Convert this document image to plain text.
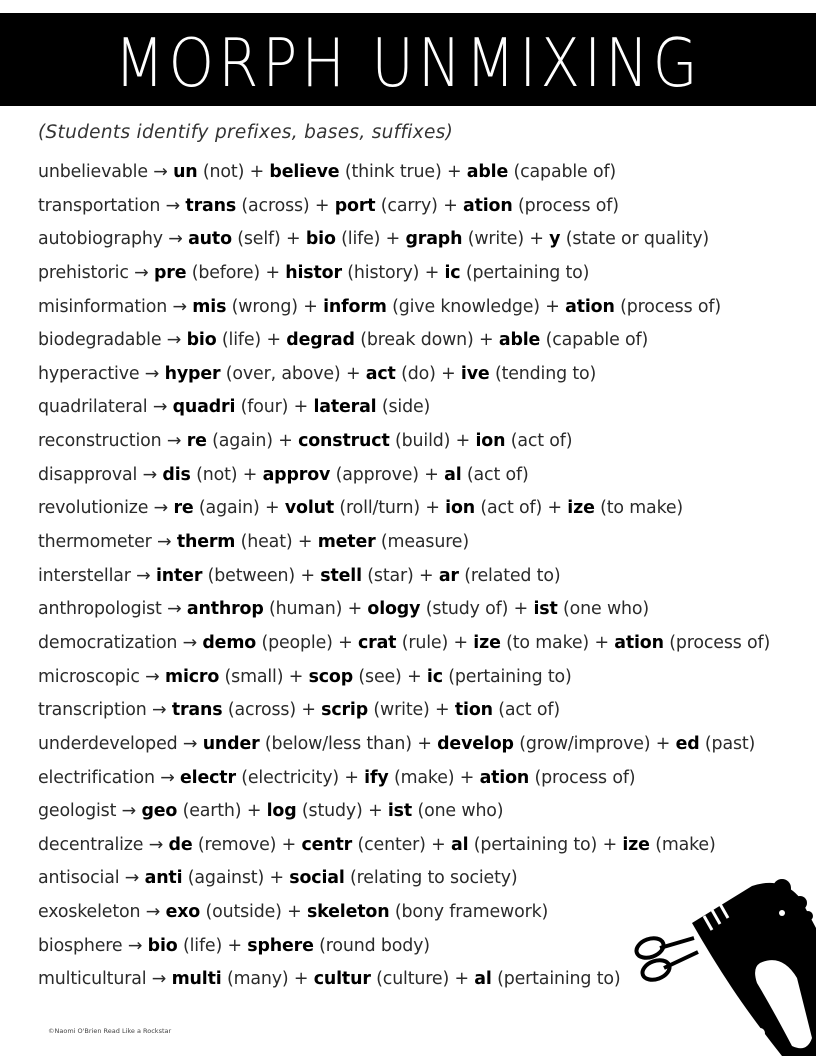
MORPH UNMIXING
(Students identify prefixes, bases, suffixes)
unbelievable → un (not) + believe (think true) + able (capable of)
transportation → trans (across) + port (carry) + ation (process of)
autobiography → auto (self) + bio (life) + graph (write) + y (state or quality)
prehistoric → pre (before) + histor (history) + ic (pertaining to)
misinformation → mis (wrong) + inform (give knowledge) + ation (process of)
biodegradable → bio (life) + degrad (break down) + able (capable of)
hyperactive → hyper (over, above) + act (do) + ive (tending to)
quadrilateral → quadri (four) + lateral (side)
reconstruction → re (again) + construct (build) + ion (act of)
disapproval → dis (not) + approv (approve) + al (act of)
revolutionize → re (again) + volut (roll/turn) + ion (act of) + ize (to make)
thermometer → therm (heat) + meter (measure)
interstellar → inter (between) + stell (star) + ar (related to)
anthropologist → anthrop (human) + ology (study of) + ist (one who)
democratization → demo (people) + crat (rule) + ize (to make) + ation (process of)
microscopic → micro (small) + scop (see) + ic (pertaining to)
transcription → trans (across) + scrip (write) + tion (act of)
underdeveloped → under (below/less than) + develop (grow/improve) + ed (past)
electrification → electr (electricity) + ify (make) + ation (process of)
geologist → geo (earth) + log (study) + ist (one who)
decentralize → de (remove) + centr (center) + al (pertaining to) + ize (make)
antisocial → anti (against) + social (relating to society)
exoskeleton → exo (outside) + skeleton (bony framework)
biosphere → bio (life) + sphere (round body)
multicultural → multi (many) + cultur (culture) + al (pertaining to)
©Naomi O'Brien Read Like a Rockstar
